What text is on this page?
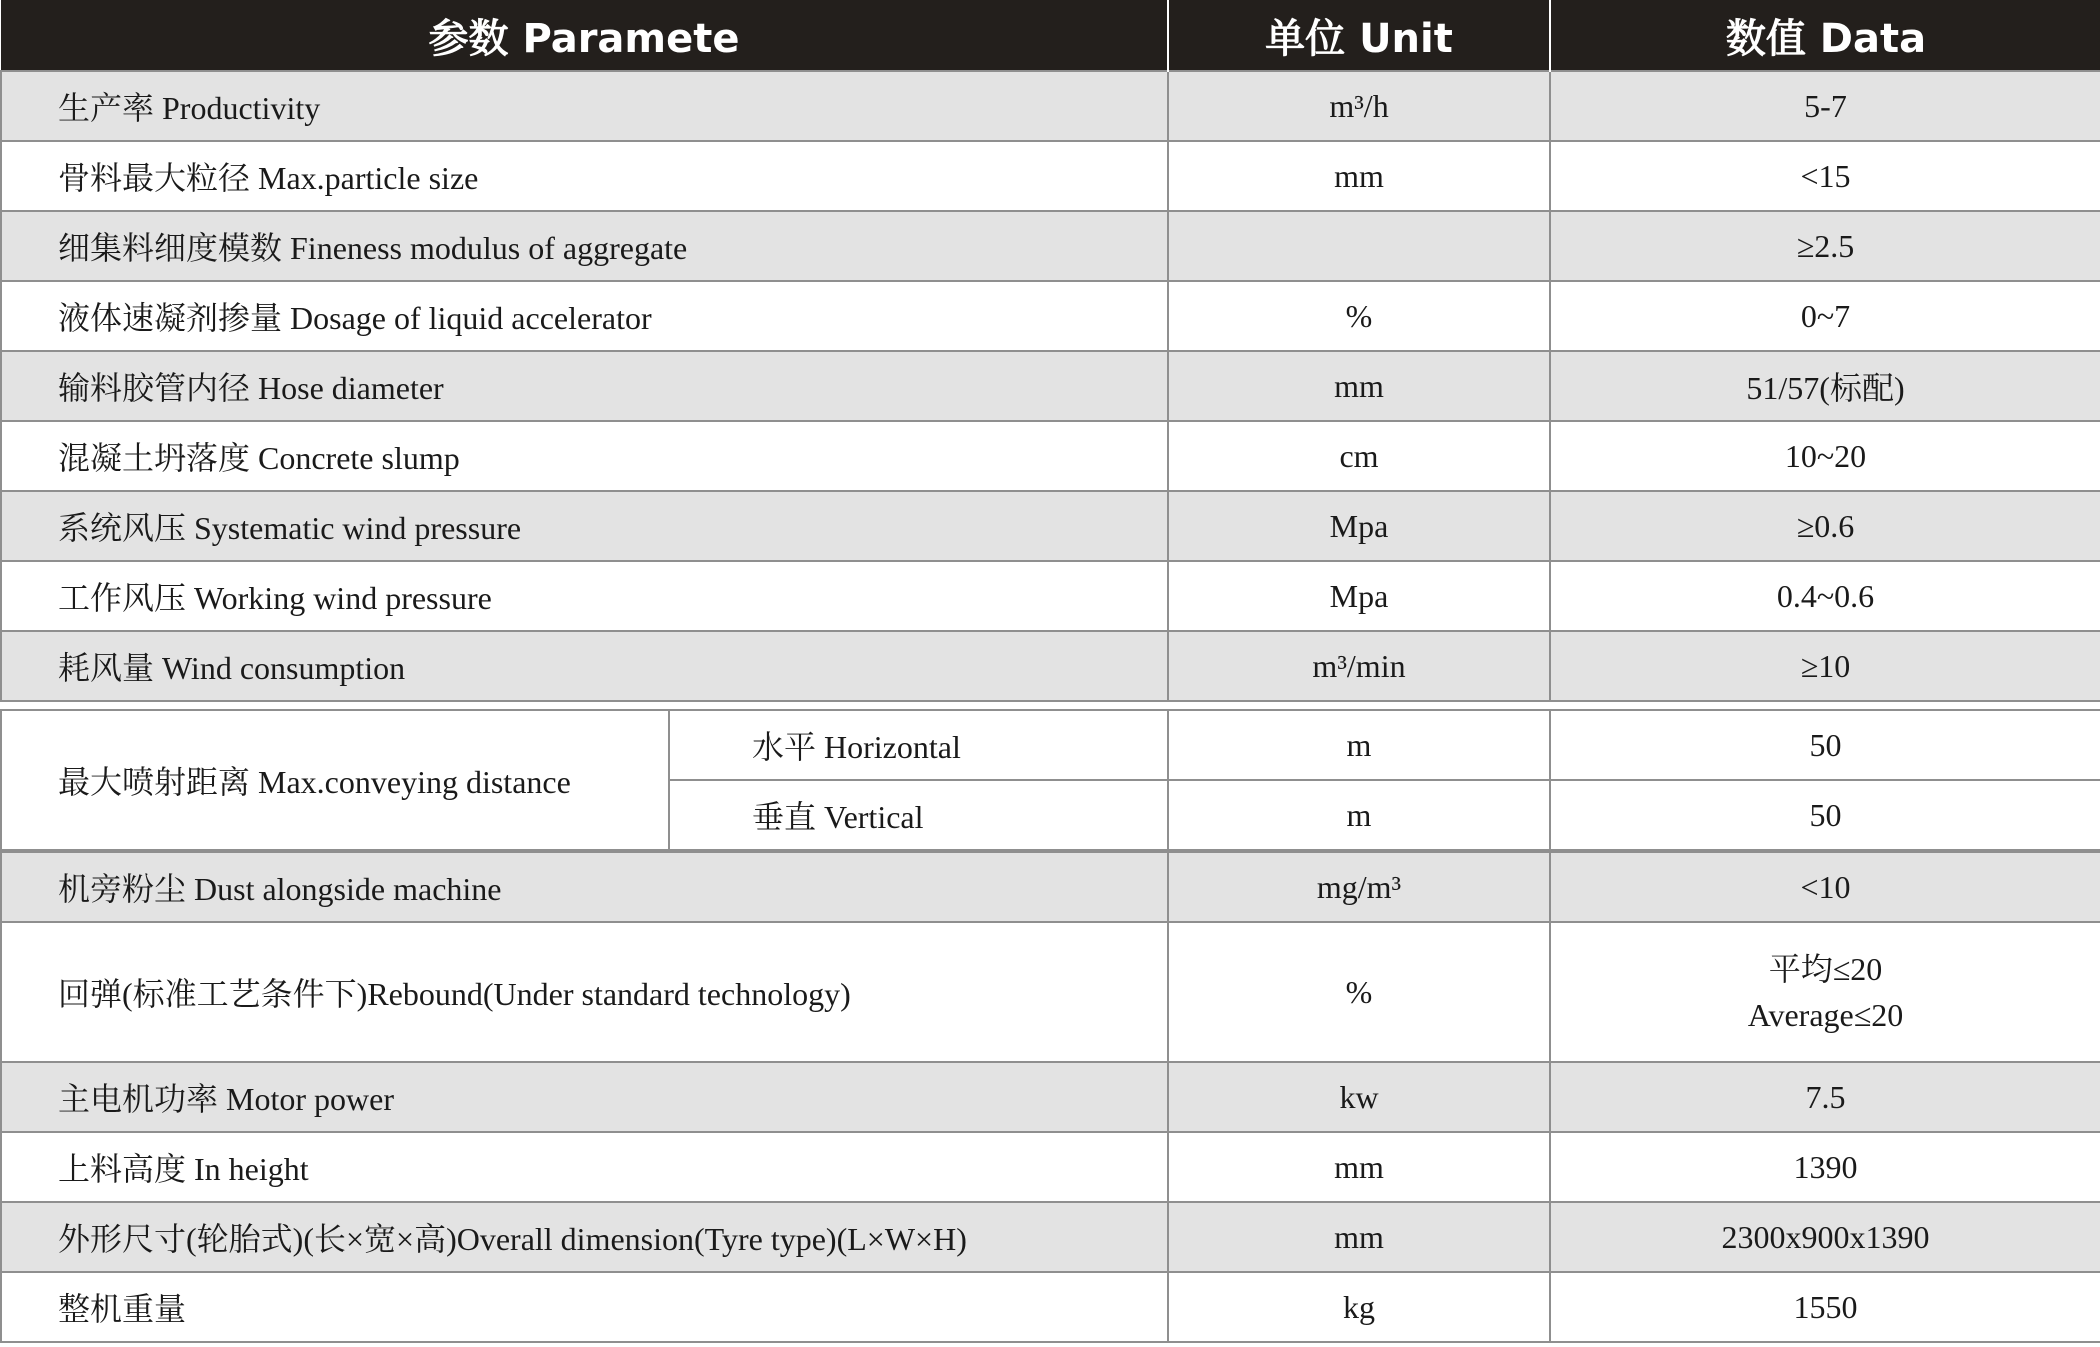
参数 Paramete	单位 Unit	数值 Data
生产率 Productivity	m³/h	5-7
骨料最大粒径 Max.particle size	mm	<15
细集料细度模数 Fineness modulus of aggregate		≥2.5
液体速凝剂掺量 Dosage of liquid accelerator	%	0~7
输料胶管内径 Hose diameter	mm	51/57(标配)
混凝土坍落度 Concrete slump	cm	10~20
系统风压 Systematic wind pressure	Mpa	≥0.6
工作风压 Working wind pressure	Mpa	0.4~0.6
耗风量 Wind consumption	m³/min	≥10
最大喷射距离 Max.conveying distance	水平 Horizontal	m	50
	垂直 Vertical	m	50
机旁粉尘 Dust alongside machine	mg/m³	<10
回弹(标准工艺条件下)Rebound(Under standard technology)	%	平均≤20
Average≤20

主电机功率 Motor power	kw	7.5
上料高度 In height	mm	1390
外形尺寸(轮胎式)(长×宽×高)Overall dimension(Tyre type)(L×W×H)	mm	2300x900x1390
整机重量	kg	1550
